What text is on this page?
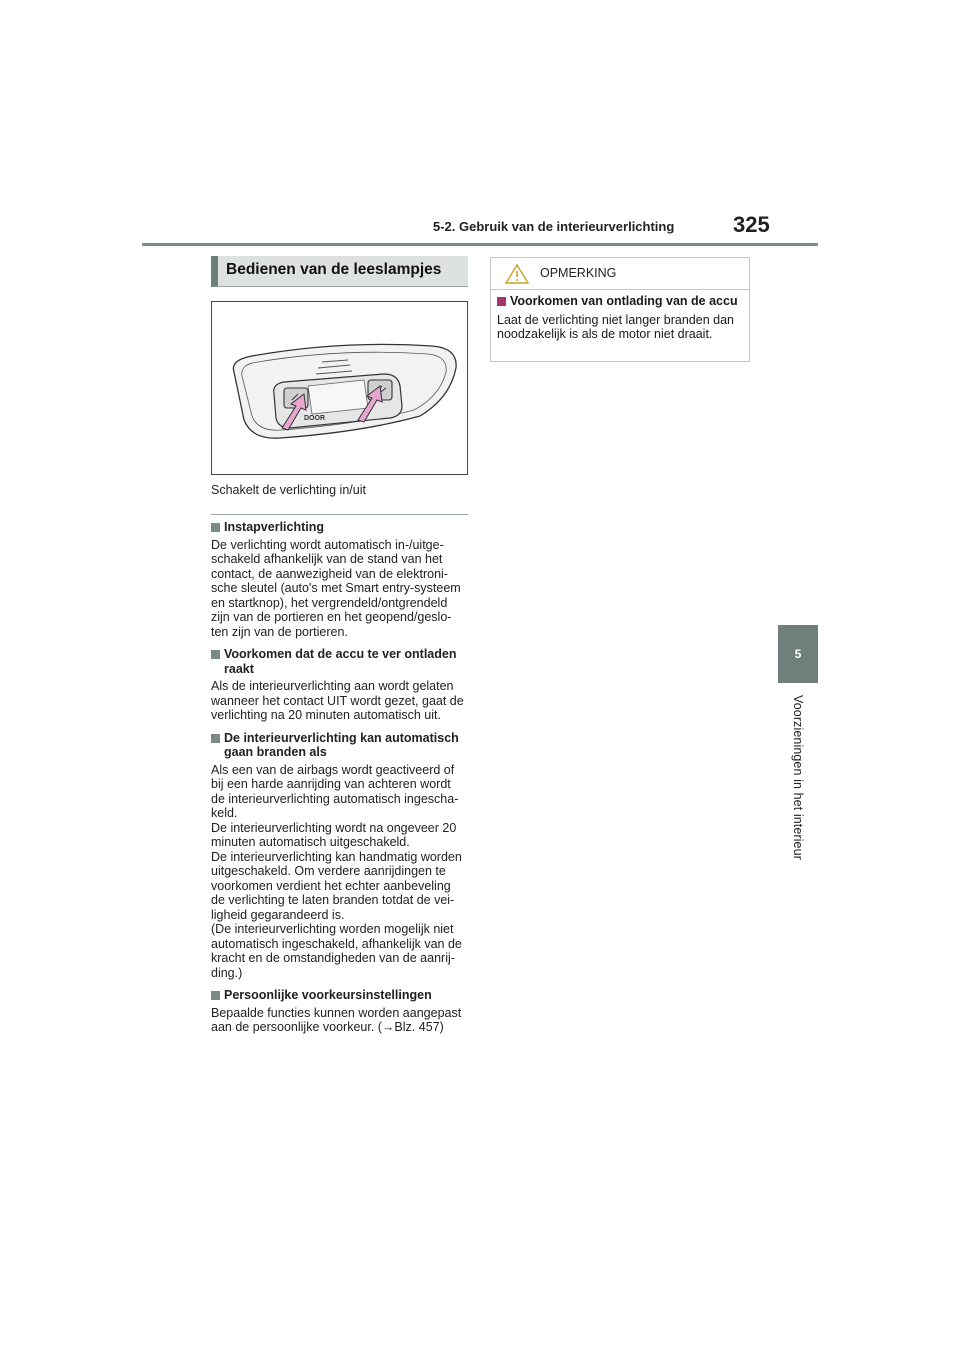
5-2. Gebruik van de interieurverlichting	325
5
Voorzieningen in het interieur
Bedienen van de leeslampjes
DOOR
Schakelt de verlichting in/uit
Instapverlichting
De verlichting wordt automatisch in-/uitge-
schakeld afhankelijk van de stand van het
contact, de aanwezigheid van de elektroni-
sche sleutel (auto's met Smart entry-systeem
en startknop), het vergrendeld/ontgrendeld
zijn van de portieren en het geopend/geslo-
ten zijn van de portieren.
Voorkomen dat de accu te ver ontladen raakt
Als de interieurverlichting aan wordt gelaten
wanneer het contact UIT wordt gezet, gaat de
verlichting na 20 minuten automatisch uit.
De interieurverlichting kan automatisch gaan branden als
Als een van de airbags wordt geactiveerd of
bij een harde aanrijding van achteren wordt
de interieurverlichting automatisch ingescha-
keld.
De interieurverlichting wordt na ongeveer 20
minuten automatisch uitgeschakeld.
De interieurverlichting kan handmatig worden
uitgeschakeld. Om verdere aanrijdingen te
voorkomen verdient het echter aanbeveling
de verlichting te laten branden totdat de vei-
ligheid gegarandeerd is.
(De interieurverlichting worden mogelijk niet
automatisch ingeschakeld, afhankelijk van de
kracht en de omstandigheden van de aanrij-
ding.)
Persoonlijke voorkeursinstellingen
Bepaalde functies kunnen worden aangepast
aan de persoonlijke voorkeur. (→Blz. 457)
OPMERKING
Voorkomen van ontlading van de accu
Laat de verlichting niet langer branden dan
noodzakelijk is als de motor niet draait.
